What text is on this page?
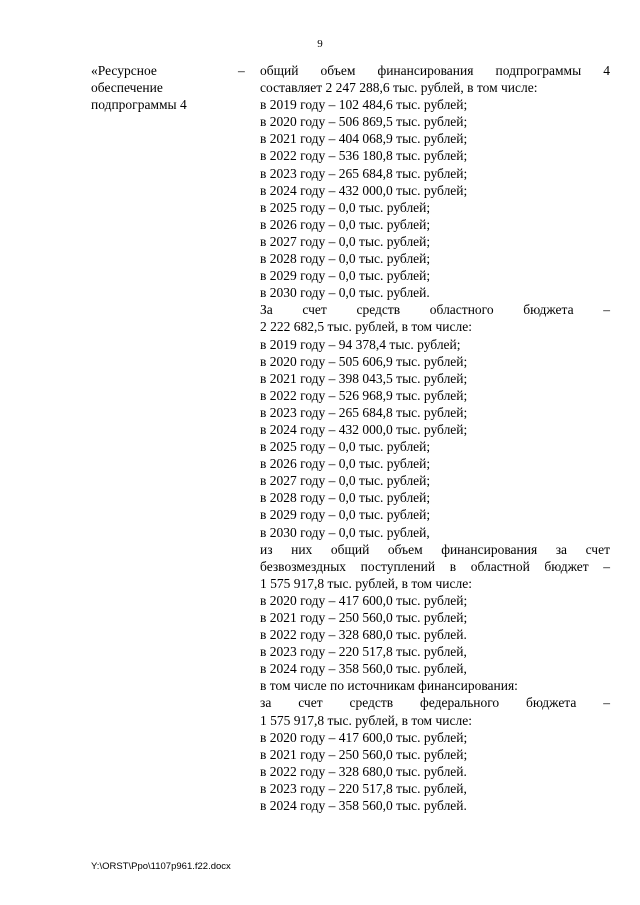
9
«Ресурсное
обеспечение
подпрограммы 4
– общий объем финансирования подпрограммы 4
составляет 2 247 288,6 тыс. рублей, в том числе:
в 2019 году – 102 484,6 тыс. рублей;
в 2020 году – 506 869,5 тыс. рублей;
в 2021 году – 404 068,9 тыс. рублей;
в 2022 году – 536 180,8 тыс. рублей;
в 2023 году – 265 684,8 тыс. рублей;
в 2024 году – 432 000,0 тыс. рублей;
в 2025 году – 0,0 тыс. рублей;
в 2026 году – 0,0 тыс. рублей;
в 2027 году – 0,0 тыс. рублей;
в 2028 году – 0,0 тыс. рублей;
в 2029 году – 0,0 тыс. рублей;
в 2030 году – 0,0 тыс. рублей.
За счет средств областного бюджета –
2 222 682,5 тыс. рублей, в том числе:
в 2019 году – 94 378,4 тыс. рублей;
в 2020 году – 505 606,9 тыс. рублей;
в 2021 году – 398 043,5 тыс. рублей;
в 2022 году – 526 968,9 тыс. рублей;
в 2023 году – 265 684,8 тыс. рублей;
в 2024 году – 432 000,0 тыс. рублей;
в 2025 году – 0,0 тыс. рублей;
в 2026 году – 0,0 тыс. рублей;
в 2027 году – 0,0 тыс. рублей;
в 2028 году – 0,0 тыс. рублей;
в 2029 году – 0,0 тыс. рублей;
в 2030 году – 0,0 тыс. рублей,
из них общий объем финансирования за счет
безвозмездных поступлений в областной бюджет –
1 575 917,8 тыс. рублей, в том числе:
в 2020 году – 417 600,0 тыс. рублей;
в 2021 году – 250 560,0 тыс. рублей;
в 2022 году – 328 680,0 тыс. рублей.
в 2023 году – 220 517,8 тыс. рублей,
в 2024 году – 358 560,0 тыс. рублей,
в том числе по источникам финансирования:
за счет средств федерального бюджета –
1 575 917,8 тыс. рублей, в том числе:
в 2020 году – 417 600,0 тыс. рублей;
в 2021 году – 250 560,0 тыс. рублей;
в 2022 году – 328 680,0 тыс. рублей.
в 2023 году – 220 517,8 тыс. рублей,
в 2024 году – 358 560,0 тыс. рублей.
Y:\ORST\Ppo\1107p961.f22.docx
